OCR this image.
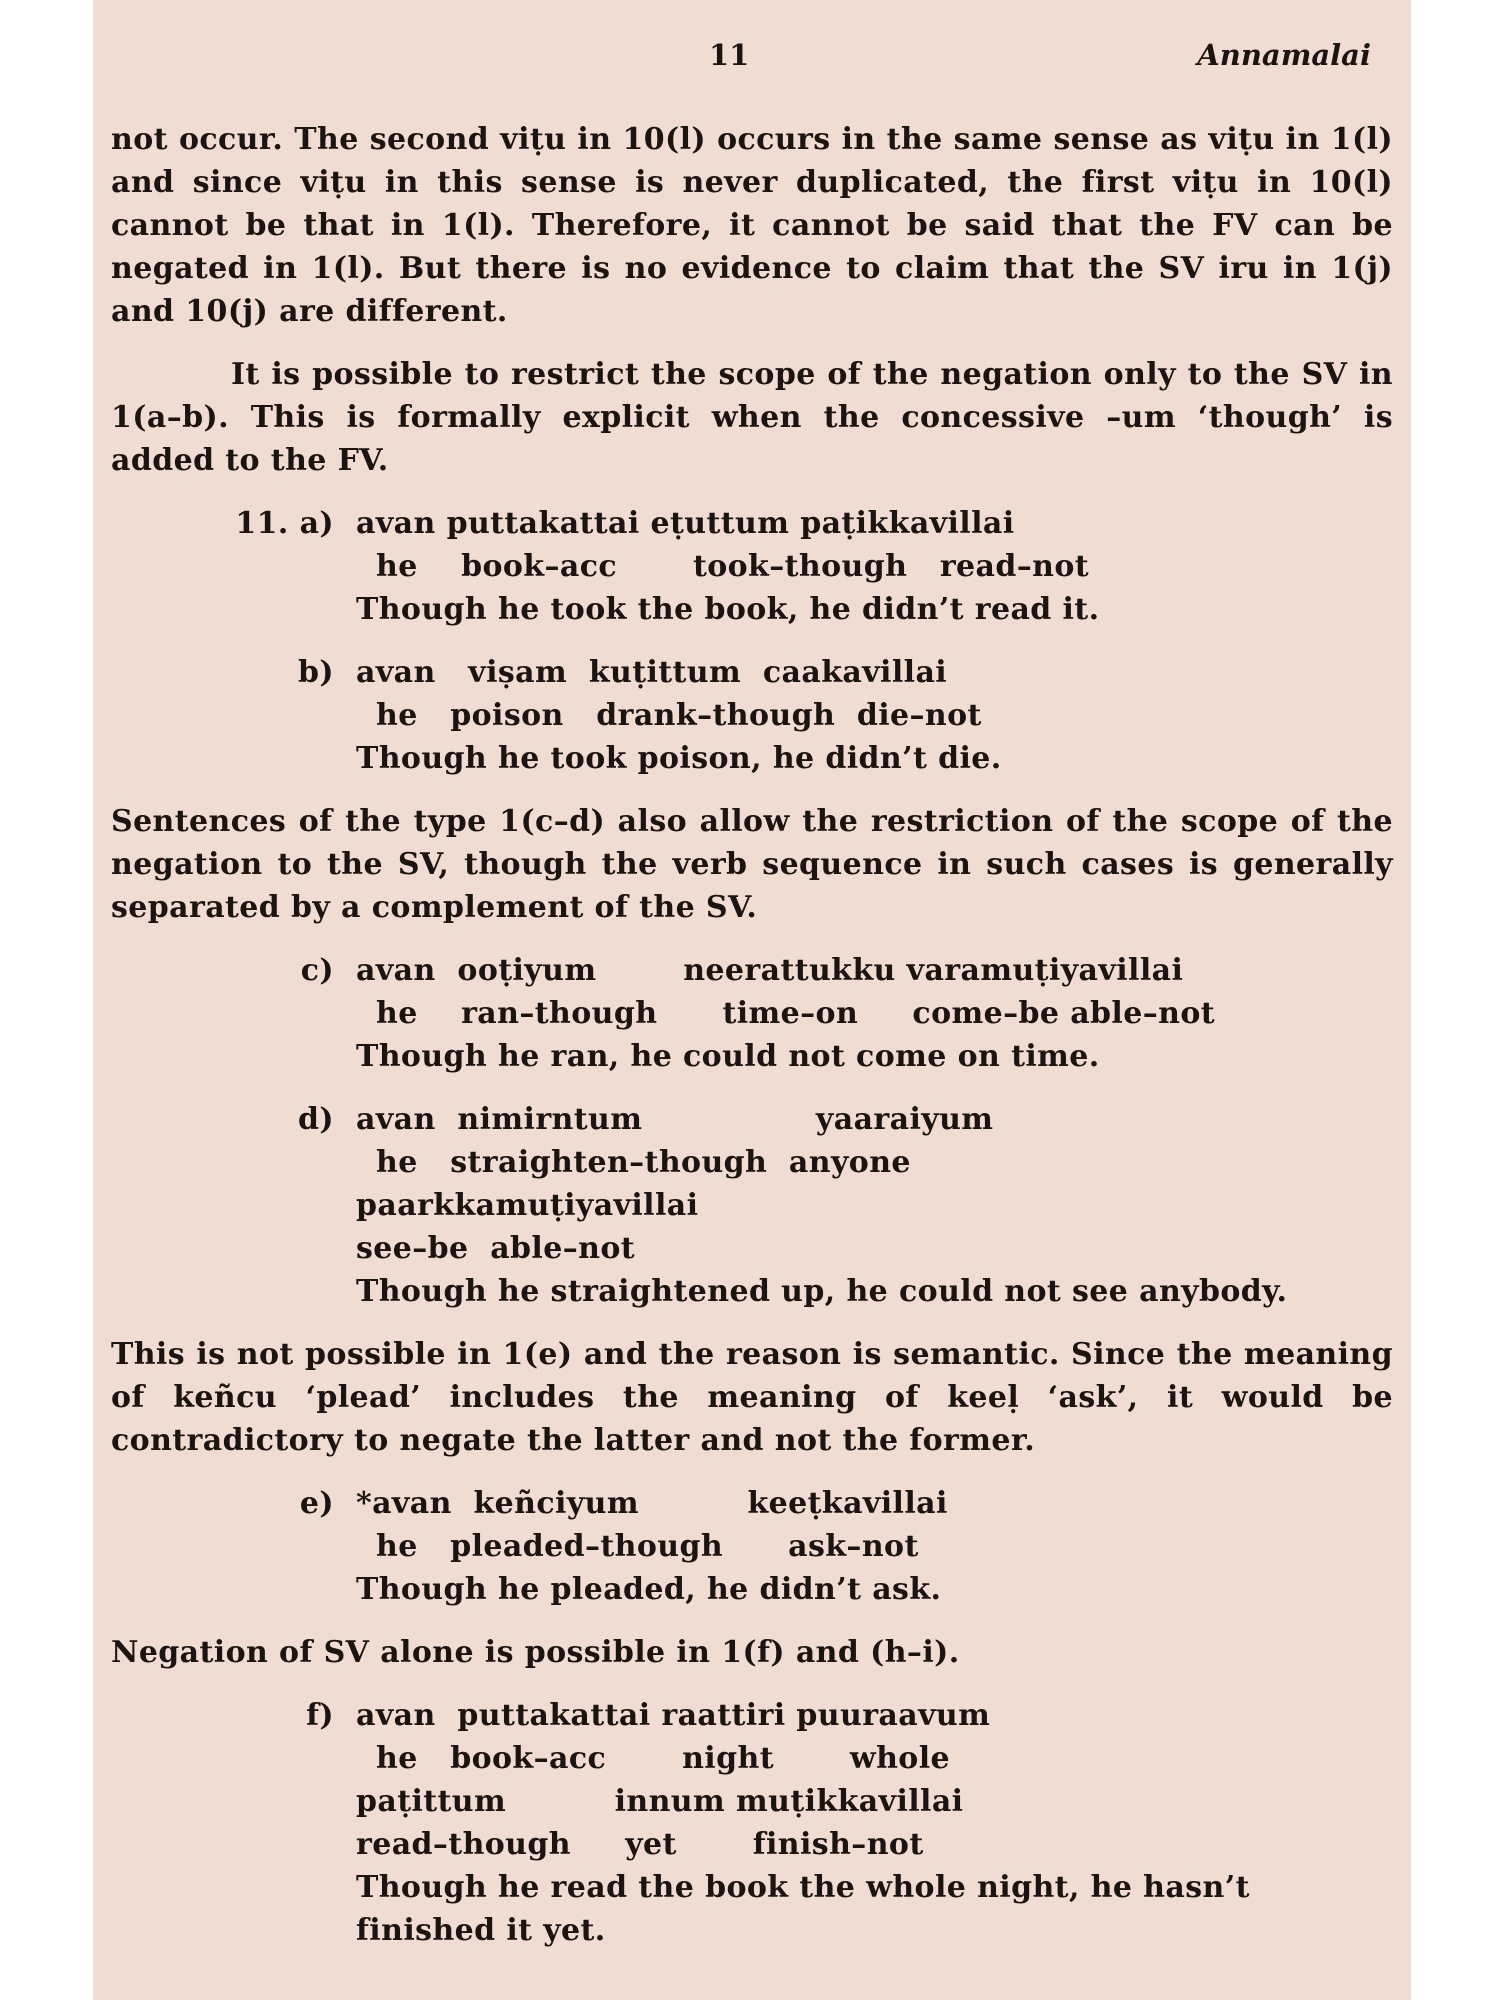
11	Annamalai

not occur. The second viṭu in 10(l) occurs in the same sense as viṭu in 1(l) and since viṭu in this sense is never duplicated, the first viṭu in 10(l) cannot be that in 1(l). Therefore, it cannot be said that the FV can be negated in 1(l). But there is no evidence to claim that the SV iru in 1(j) and 10(j) are different.

It is possible to restrict the scope of the negation only to the SV in 1(a–b). This is formally explicit when the concessive –um ‘though’ is added to the FV.

11. a) avan puttakattai eṭuttum paṭikkavillai
he    book–acc       took–though   read–not
Though he took the book, he didn’t read it.
b) avan   viṣam  kuṭittum  caakavillai
he   poison   drank–though  die–not
Though he took poison, he didn’t die.

Sentences of the type 1(c–d) also allow the restriction of the scope of the negation to the SV, though the verb sequence in such cases is generally separated by a complement of the SV.

c) avan  ooṭiyum        neerattukku varamuṭiyavillai
he    ran–though      time–on     come–be able–not
Though he ran, he could not come on time.
d) avan  nimirntum                yaaraiyum
he   straighten–though  anyone
paarkkamuṭiyavillai
see–be  able–not
Though he straightened up, he could not see anybody.

This is not possible in 1(e) and the reason is semantic. Since the meaning of keñcu ‘plead’ includes the meaning of keeḷ ‘ask’, it would be contradictory to negate the latter and not the former.

e) *avan  keñciyum          keeṭkavillai
he   pleaded–though      ask–not
Though he pleaded, he didn’t ask.

Negation of SV alone is possible in 1(f) and (h–i).

f) avan  puttakattai raattiri puuraavum
he   book–acc       night       whole
paṭittum          innum muṭikkavillai
read–though     yet       finish–not
Though he read the book the whole night, he hasn’t finished it yet.
